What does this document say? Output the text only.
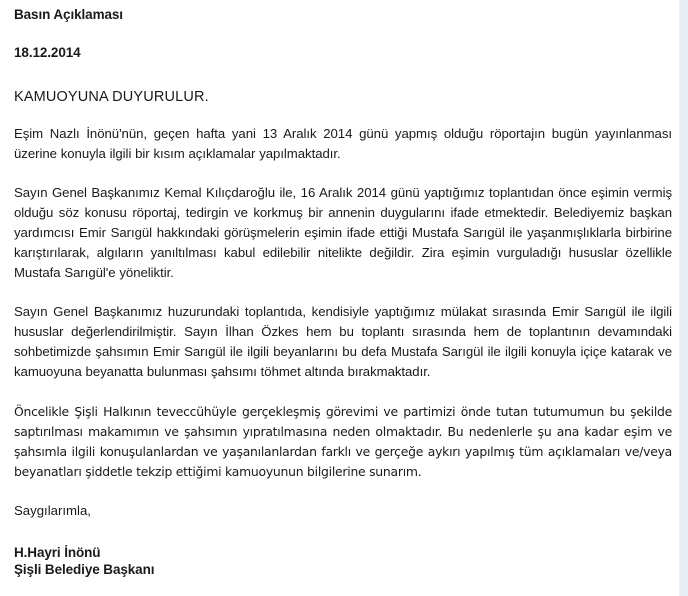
Basın Açıklaması

18.12.2014

KAMUOYUNA DUYURULUR.

Eşim Nazlı İnönü'nün, geçen hafta yani 13 Aralık 2014 günü yapmış olduğu röportajın bugün yayınlanması üzerine konuyla ilgili bir kısım açıklamalar yapılmaktadır.

Sayın Genel Başkanımız Kemal Kılıçdaroğlu ile, 16 Aralık 2014 günü yaptığımız toplantıdan önce eşimin vermiş olduğu söz konusu röportaj, tedirgin ve korkmuş bir annenin duygularını ifade etmektedir. Belediyemiz başkan yardımcısı Emir Sarıgül hakkındaki görüşmelerin eşimin ifade ettiği Mustafa Sarıgül ile yaşanmışlıklarla birbirine karıştırılarak, algıların yanıltılması kabul edilebilir nitelikte değildir. Zira eşimin vurguladığı hususlar özellikle Mustafa Sarıgül'e yöneliktir.

Sayın Genel Başkanımız huzurundaki toplantıda, kendisiyle yaptığımız mülakat sırasında Emir Sarıgül ile ilgili hususlar değerlendirilmiştir. Sayın İlhan Özkes hem bu toplantı sırasında hem de toplantının devamındaki sohbetimizde şahsımın Emir Sarıgül ile ilgili beyanlarını bu defa Mustafa Sarıgül ile ilgili konuyla içiçe katarak ve kamuoyuna beyanatta bulunması şahsımı töhmet altında bırakmaktadır.

Öncelikle Şişli Halkının teveccühüyle gerçekleşmiş görevimi ve partimizi önde tutan tutumumun bu şekilde saptırılması makamımın ve şahsımın yıpratılmasına neden olmaktadır. Bu nedenlerle şu ana kadar eşim ve şahsımla ilgili konuşulanlardan ve yaşanılanlardan farklı ve gerçeğe aykırı yapılmış tüm açıklamaları ve/veya beyanatları şiddetle tekzip ettiğimi kamuoyunun bilgilerine sunarım.

Saygılarımla,

H.Hayri İnönü
Şişli Belediye Başkanı
